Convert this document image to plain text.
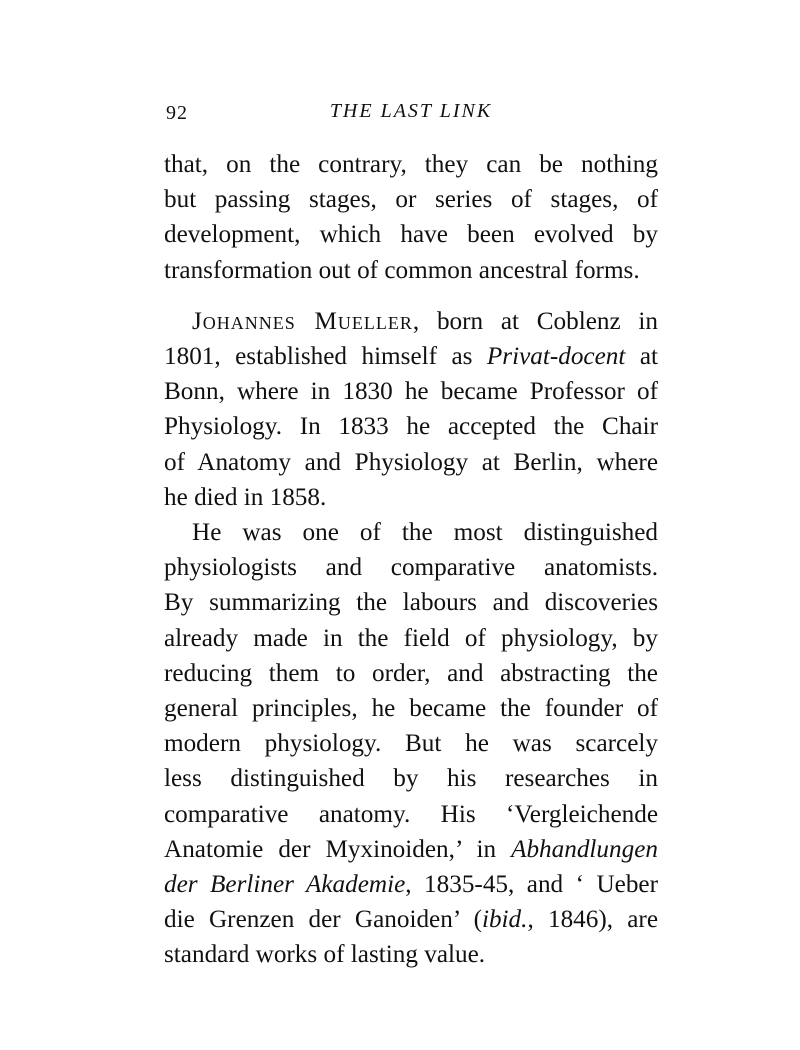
92	THE LAST LINK

that, on the contrary, they can be nothing
but passing stages, or series of stages, of
development, which have been evolved by
transformation out of common ancestral forms.

Johannes Mueller, born at Coblenz in
1801, established himself as Privat-docent at
Bonn, where in 1830 he became Professor of
Physiology. In 1833 he accepted the Chair
of Anatomy and Physiology at Berlin, where
he died in 1858.

He was one of the most distinguished
physiologists and comparative anatomists.
By summarizing the labours and discoveries
already made in the field of physiology, by
reducing them to order, and abstracting the
general principles, he became the founder of
modern physiology. But he was scarcely
less distinguished by his researches in
comparative anatomy. His ‘Vergleichende
Anatomie der Myxinoiden,’ in Abhandlungen
der Berliner Akademie, 1835-45, and ‘ Ueber
die Grenzen der Ganoiden’ (ibid., 1846), are
standard works of lasting value.
